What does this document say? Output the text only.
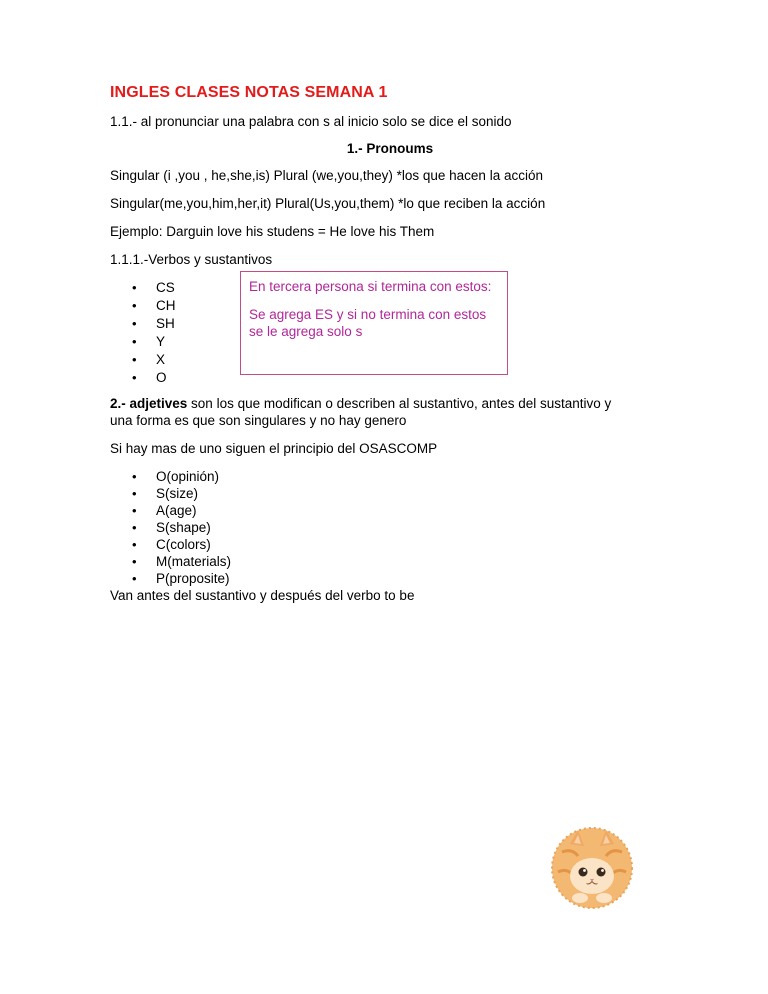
INGLES CLASES NOTAS SEMANA 1
1.1.- al pronunciar una palabra con s al inicio solo se dice el sonido
1.- Pronoums
Singular (i ,you , he,she,is) Plural (we,you,they) *los que hacen la acción
Singular(me,you,him,her,it) Plural(Us,you,them) *lo que reciben la acción
Ejemplo: Darguin love his studens = He love his Them
1.1.1.-Verbos y sustantivos
• CS
• CH
• SH
• Y
• X
• O

En tercera persona si termina con estos:

Se agrega ES y si no termina con estos se le agrega solo s

2.- adjetives son los que modifican o describen al sustantivo, antes del sustantivo y una forma es que son singulares y no hay genero
Si hay mas de uno siguen el principio del OSASCOMP
• O(opinión)
• S(size)
• A(age)
• S(shape)
• C(colors)
• M(materials)
• P(proposite)
Van antes del sustantivo y después del verbo to be
